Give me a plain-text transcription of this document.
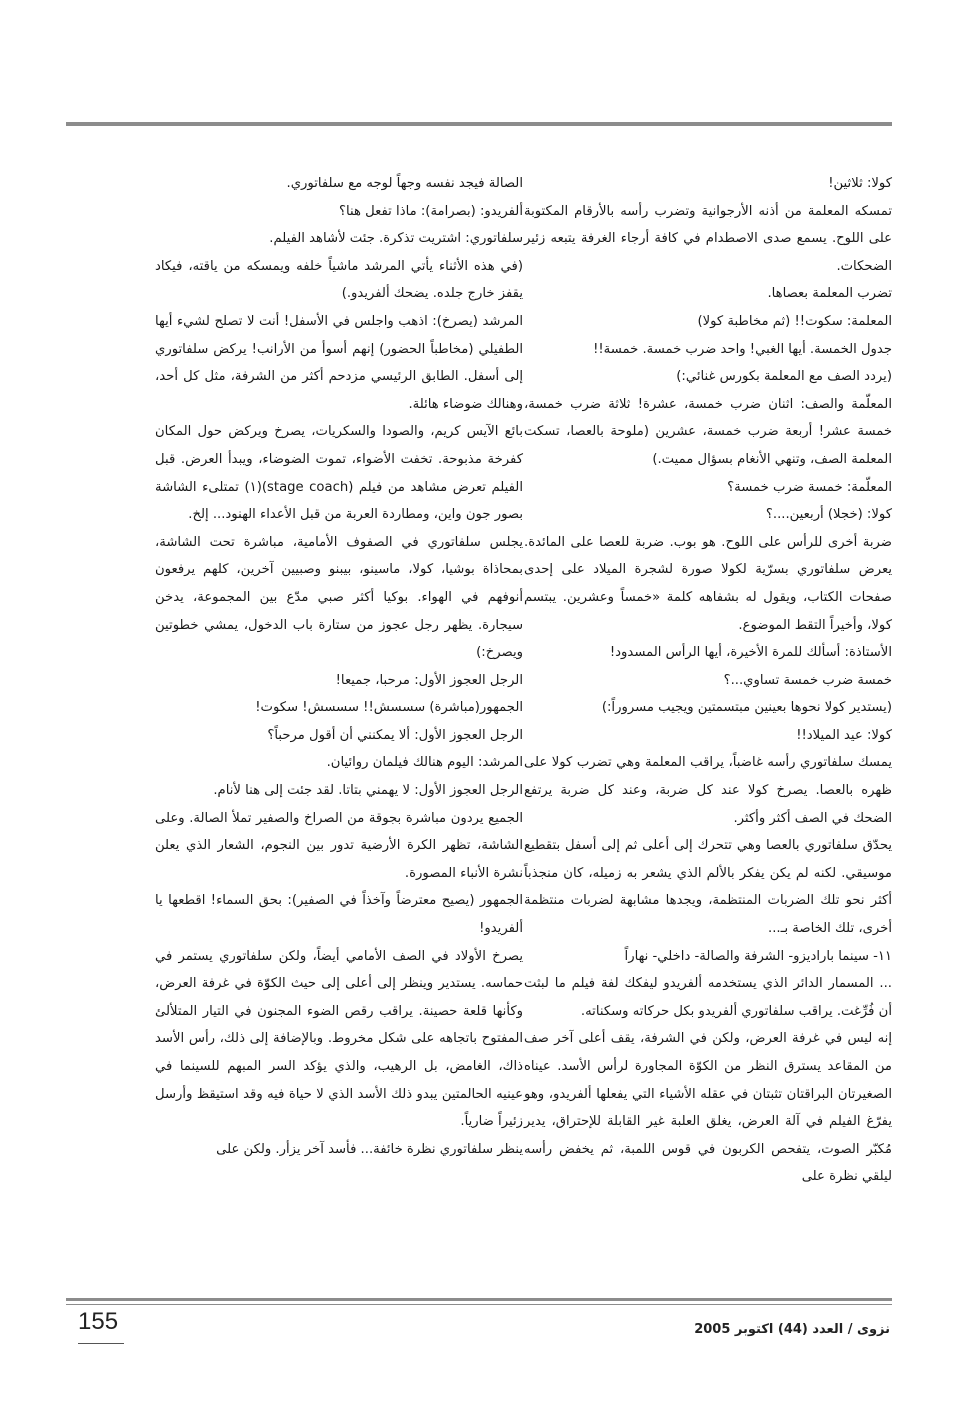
كولا: ثلاثين!

تمسكه المعلمة من أذنه الأرجوانية وتضرب رأسه بالأرقام المكتوبة على اللوح. يسمع صدى الاصطدام في كافة أرجاء الغرفة يتبعه زئير الضحكات.

تضرب المعلمة بعصاها.

المعلمة: سكوت!! (ثم مخاطبة كولا)

جدول الخمسة. أيها الغبي! واحد ضرب خمسة. خمسة!!

(يردد الصف مع المعلمة بكورس غنائي:)

المعلّمة والصف: اثنان ضرب خمسة، عشرة! ثلاثة ضرب خمسة، خمسة عشر! أربعة ضرب خمسة، عشرين (ملوحة بالعصا، تسكت المعلمة الصف، وتنهي الأنغام بسؤال مميت.)

المعلّمة: خمسة ضرب خمسة؟

كولا: (خجلا) أربعين....؟

ضربة أخرى للرأس على اللوح. هو بوب. ضربة للعصا على المائدة. يعرض سلفاتوري بسرّية لكولا صورة لشجرة الميلاد على إحدى صفحات الكتاب، ويقول له بشفاهه كلمة «خمساً وعشرين. يبتسم كولا، وأخيراً التقط الموضوع.

الأستاذة: أسألك للمرة الأخيرة، أيها الرأس المسدود!

خمسة ضرب خمسة تساوي...؟

(يستدير كولا نحوها بعينين مبتسمتين ويجيب مسروراً:)

كولا: عيد الميلاد!!

يمسك سلفاتوري رأسه غاضباً، يراقب المعلمة وهي تضرب كولا على ظهره بالعصا. يصرخ كولا عند كل ضربة، وعند كل ضربة يرتفع الضحك في الصف أكثر وأكثر.

يحدّق سلفاتوري بالعصا وهي تتحرك إلى أعلى ثم إلى أسفل بتقطيع موسيقي. لكنه لم يكن يفكر بالألم الذي يشعر به زميله، كان منجذباً أكثر نحو تلك الضربات المنتظمة، ويجدها مشابهة لضربات منتظمة أخرى، تلك الخاصة بـ...

١١- سينما باراديزو- الشرفة والصالة- داخلي- نهاراً

... المسمار الدائر الذي يستخدمه ألفريدو ليفكك لفة فيلم ما لبثت أن فُرِّغت. يراقب سلفاتوري ألفريدو بكل حركاته وسكناته.

إنه ليس في غرفة العرض، ولكن في الشرفة، يقف أعلى آخر صف من المقاعد يسترق النظر من الكوّة المجاورة لرأس الأسد. عيناه الصغيرتان البراقتان تثبتان في عقله الأشياء التي يفعلها ألفريدو، وهو يفرّغ الفيلم في آلة العرض، يغلق العلبة غير القابلة للإحتراق، يدير مُكبّر الصوت، يتفحص الكربون في قوس اللمبة، ثم يخفض رأسه ليلقي نظرة على

الصالة فيجد نفسه وجهاً لوجه مع سلفاتوري.

ألفريدو: (بصرامة): ماذا تفعل هنا؟

سلفاتوري: اشتريت تذكرة. جئت لأشاهد الفيلم.

(في هذه الأثناء يأتي المرشد ماشياً خلفه ويمسكه من ياقته، فيكاد يقفز خارج جلده. يضحك ألفريدو.)

المرشد (يصرخ): اذهب واجلس في الأسفل! أنت لا تصلح لشيء أيها الطفيلي (مخاطباً الحضور) إنهم أسوأ من الأرانب! يركض سلفاتوري إلى أسفل. الطابق الرئيسي مزدحم أكثر من الشرفة، مثل كل أحد، وهنالك ضوضاء هائلة.

بائع الآيس كريم، والصودا والسكريات، يصرخ ويركض حول المكان كفرخة مذبوحة. تخفت الأضواء، تموت الضوضاء، ويبدأ العرض. قبل الفيلم تعرض مشاهد من فيلم (stage coach)(١) تمتلىء الشاشة بصور جون واين، ومطاردة العربة من قبل الأعداء الهنود... إلخ.

يجلس سلفاتوري في الصفوف الأمامية، مباشرة تحت الشاشة، بمحاذاة بوشيا، كولا، ماسينو، بيبنو وصبيين آخرين، كلهم يرفعون أنوفهم في الهواء. بوكيا أكثر صبي مدّع بين المجموعة، يدخن سيجارة. يظهر رجل عجوز من ستارة باب الدخول، يمشي خطوتين ويصرخ:)

الرجل العجوز الأول: مرحبا، جميعا!

الجمهور(مباشرة) سسسش!! سسسش! سكوت!

الرجل العجوز الأول: ألا يمكنني أن أقول مرحباً؟

المرشد: اليوم هنالك فيلمان روائيان.

الرجل العجوز الأول: لا يهمني بتاتا. لقد جئت إلى هنا لأنام.

الجميع يردون مباشرة بجوقة من الصراخ والصفير تملأ الصالة. وعلى الشاشة، تظهر الكرة الأرضية تدور بين النجوم، الشعار الذي يعلن نشرة الأنباء المصورة.

الجمهور (يصيح معترضاً وآخذاً في الصفير): بحق السماء! اقطعها يا ألفريدو!

يصرخ الأولاد في الصف الأمامي أيضاً، ولكن سلفاتوري يستمر في حماسه. يستدير وينظر إلى أعلى إلى حيث الكوّة في غرفة العرض، وكأنها قلعة حصينة. يراقب رقص الضوء المجنون في التيار المتلألئ المفتوح باتجاهه على شكل مخروط. وبالإضافة إلى ذلك، رأس الأسد ذاك، الغامض، بل الرهيب، والذي يؤكد السر المبهم للسينما في عينيه الحالمتين يبدو ذلك الأسد الذي لا حياة فيه وقد استيقظ وأرسل زئيراً ضارياً.

ينظر سلفاتوري نظرة خائفة... فأسد آخر يزأر. ولكن على

155	نزوى / العدد (44) اكتوبر 2005
